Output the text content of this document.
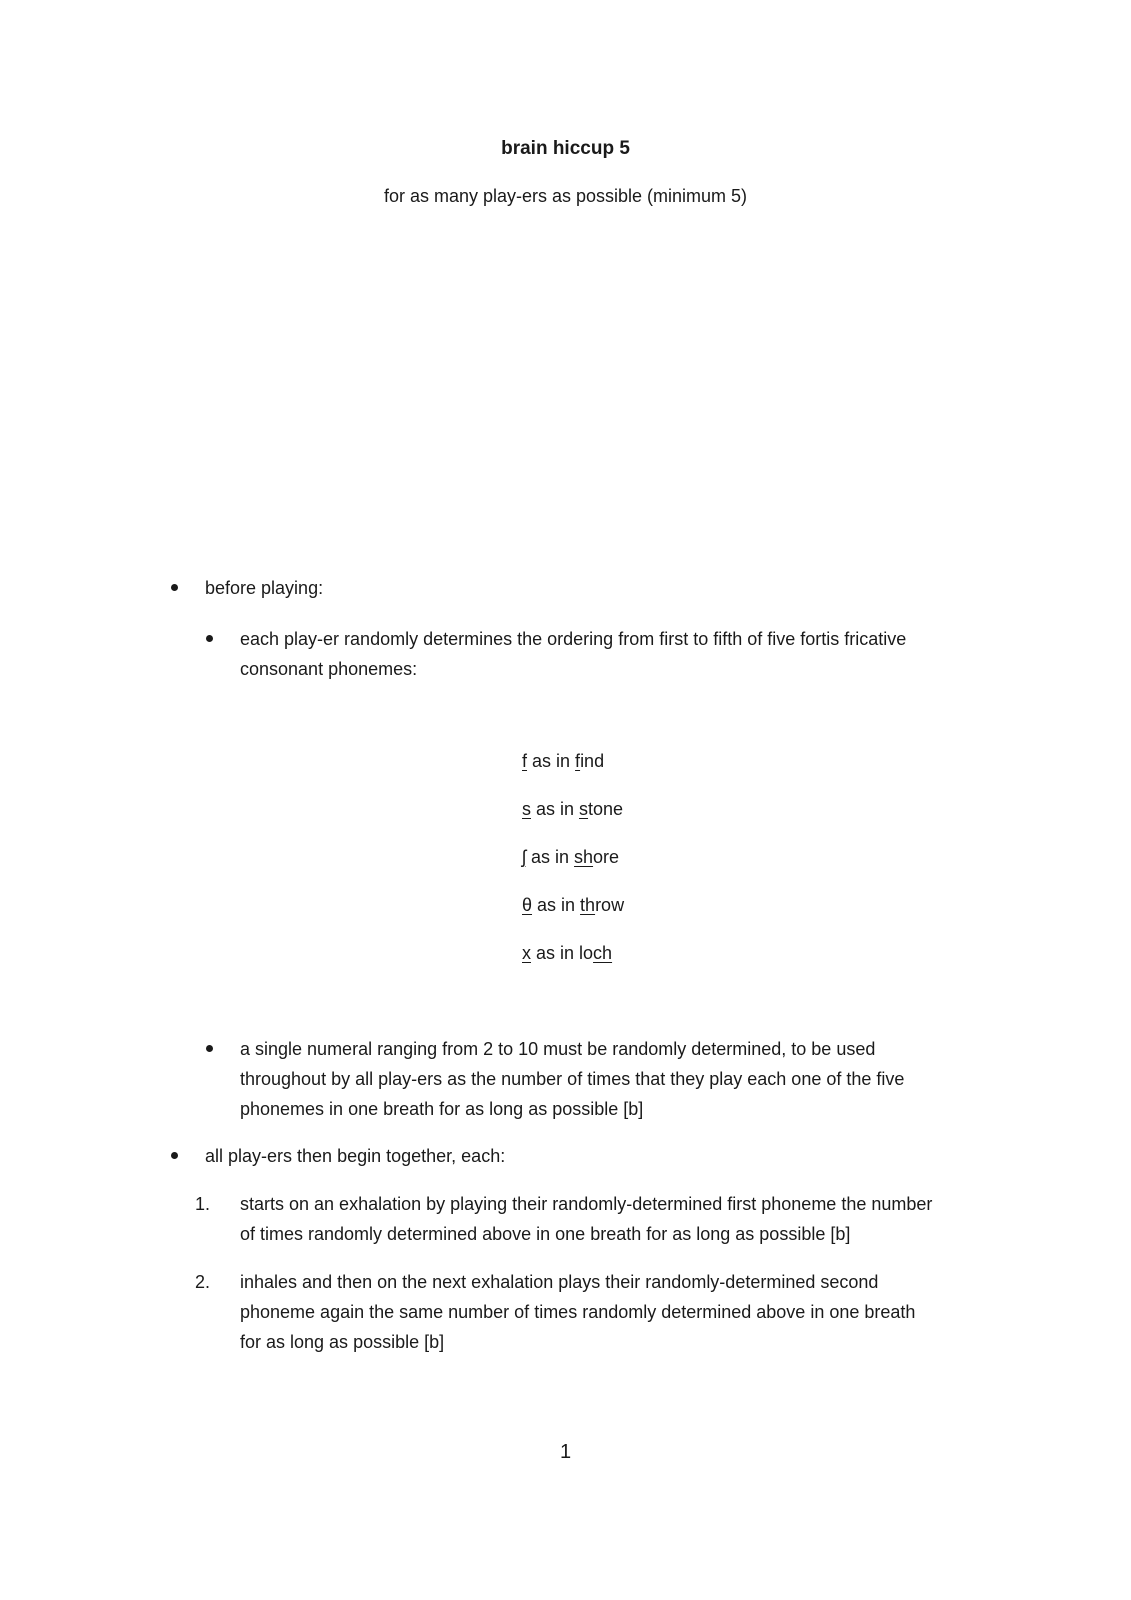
brain hiccup 5
for as many play-ers as possible (minimum 5)
before playing:
each play-er randomly determines the ordering from first to fifth of five fortis fricative
consonant phonemes:
f as in find
s as in stone
ʃ as in shore
θ as in throw
x as in loch
a single numeral ranging from 2 to 10 must be randomly determined, to be used
throughout by all play-ers as the number of times that they play each one of the five
phonemes in one breath for as long as possible [b]
all play-ers then begin together, each:
1. starts on an exhalation by playing their randomly-determined first phoneme the number
of times randomly determined above in one breath for as long as possible [b]
2. inhales and then on the next exhalation plays their randomly-determined second
phoneme again the same number of times randomly determined above in one breath
for as long as possible [b]
1
